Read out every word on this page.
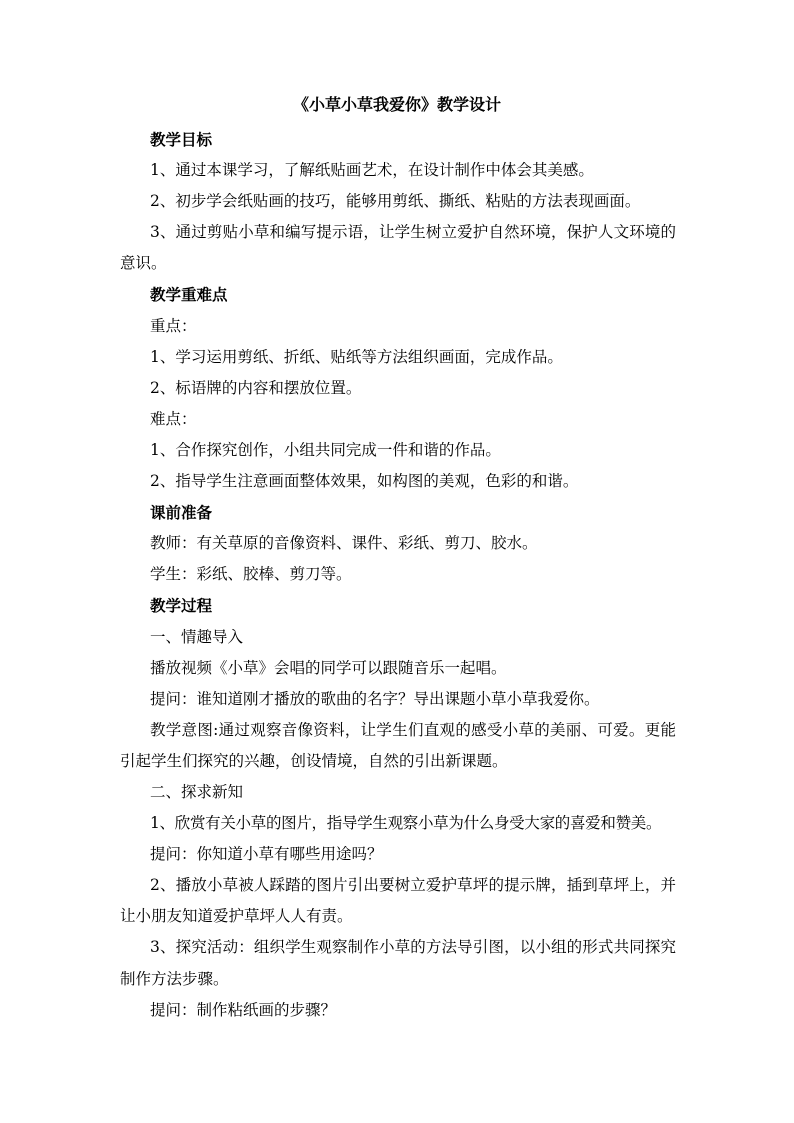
《小草小草我爱你》教学设计

教学目标

1、通过本课学习，了解纸贴画艺术，在设计制作中体会其美感。

2、初步学会纸贴画的技巧，能够用剪纸、撕纸、粘贴的方法表现画面。

3、通过剪贴小草和编写提示语，让学生树立爱护自然环境，保护人文环境的意识。

教学重难点

重点：

1、学习运用剪纸、折纸、贴纸等方法组织画面，完成作品。

2、标语牌的内容和摆放位置。

难点：

1、合作探究创作，小组共同完成一件和谐的作品。

2、指导学生注意画面整体效果，如构图的美观，色彩的和谐。

课前准备

教师：有关草原的音像资料、课件、彩纸、剪刀、胶水。

学生：彩纸、胶棒、剪刀等。

教学过程

一、情趣导入

播放视频《小草》会唱的同学可以跟随音乐一起唱。

提问：谁知道刚才播放的歌曲的名字？导出课题小草小草我爱你。

教学意图:通过观察音像资料，让学生们直观的感受小草的美丽、可爱。更能引起学生们探究的兴趣，创设情境，自然的引出新课题。

二、探求新知

1、欣赏有关小草的图片，指导学生观察小草为什么身受大家的喜爱和赞美。

提问：你知道小草有哪些用途吗？

2、播放小草被人踩踏的图片引出要树立爱护草坪的提示牌，插到草坪上，并让小朋友知道爱护草坪人人有责。

3、探究活动：组织学生观察制作小草的方法导引图，以小组的形式共同探究制作方法步骤。

提问：制作粘纸画的步骤？
